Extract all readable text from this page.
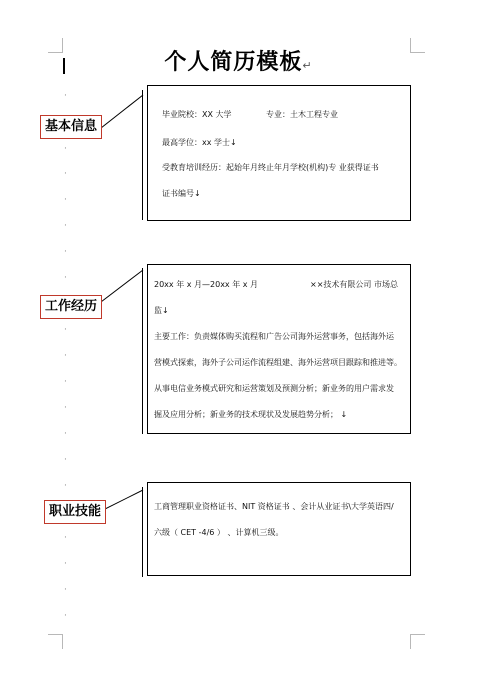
个人简历模板↵
·
·
·
·
·
·
·
·
·
·
·
·
·
·
·
·
·
·
基本信息
毕业院校：XX 大学	专业：土木工程专业
最高学位：xx 学士↓
受教育培训经历：起始年月终止年月学校(机构)专 业获得证书
证书编号↓
工作经历
20xx 年 x 月—20xx 年 x 月	××技术有限公司 市场总
监↓
主要工作：负责媒体购买流程和广告公司海外运营事务，包括海外运
营模式探索，海外子公司运作流程组建、海外运营项目跟踪和推进等。
从事电信业务模式研究和运营策划及预测分析；新业务的用户需求发
掘及应用分析；新业务的技术现状及发展趋势分析； ↓
职业技能	工商管理职业资格证书、NIT 资格证书 、会计从业证书\大学英语四/
六级（ CET -4/6 ） 、计算机三级。
